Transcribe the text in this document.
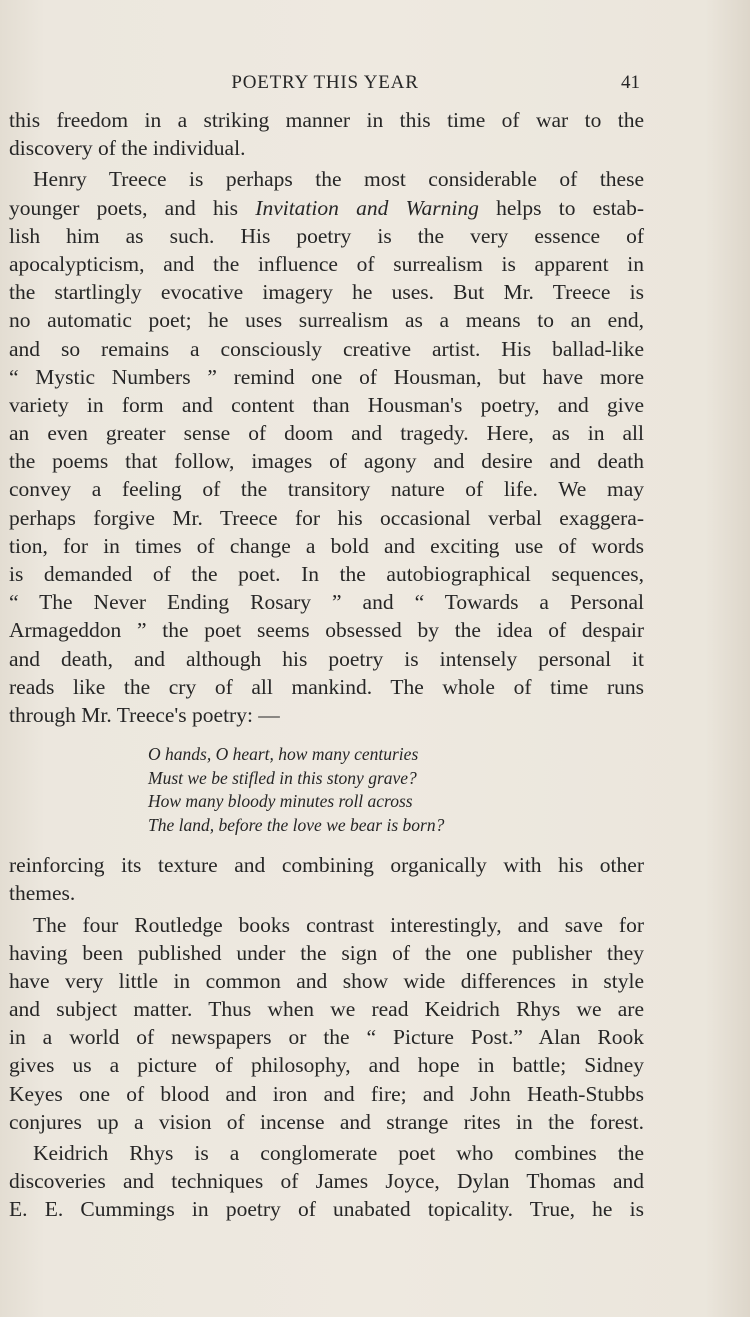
POETRY THIS YEAR	41
this freedom in a striking manner in this time of war to the
discovery of the individual.
Henry Treece is perhaps the most considerable of these
younger poets, and his Invitation and Warning helps to estab-
lish him as such. His poetry is the very essence of
apocalypticism, and the influence of surrealism is apparent in
the startlingly evocative imagery he uses. But Mr. Treece is
no automatic poet; he uses surrealism as a means to an end,
and so remains a consciously creative artist. His ballad-like
“ Mystic Numbers ” remind one of Housman, but have more
variety in form and content than Housman's poetry, and give
an even greater sense of doom and tragedy. Here, as in all
the poems that follow, images of agony and desire and death
convey a feeling of the transitory nature of life. We may
perhaps forgive Mr. Treece for his occasional verbal exaggera-
tion, for in times of change a bold and exciting use of words
is demanded of the poet. In the autobiographical sequences,
“ The Never Ending Rosary ” and “ Towards a Personal
Armageddon ” the poet seems obsessed by the idea of despair
and death, and although his poetry is intensely personal it
reads like the cry of all mankind. The whole of time runs
through Mr. Treece's poetry: —
O hands, O heart, how many centuries
Must we be stifled in this stony grave?
How many bloody minutes roll across
The land, before the love we bear is born?
reinforcing its texture and combining organically with his other
themes.
The four Routledge books contrast interestingly, and save for
having been published under the sign of the one publisher they
have very little in common and show wide differences in style
and subject matter. Thus when we read Keidrich Rhys we are
in a world of newspapers or the “ Picture Post.” Alan Rook
gives us a picture of philosophy, and hope in battle; Sidney
Keyes one of blood and iron and fire; and John Heath-Stubbs
conjures up a vision of incense and strange rites in the forest.
Keidrich Rhys is a conglomerate poet who combines the
discoveries and techniques of James Joyce, Dylan Thomas and
E. E. Cummings in poetry of unabated topicality. True, he is
